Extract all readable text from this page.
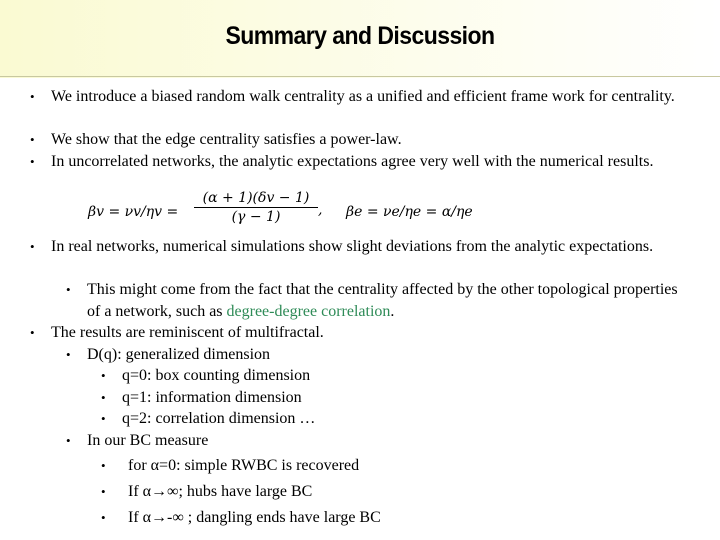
Summary and Discussion
• We introduce a biased random walk centrality as a unified and efficient frame work for centrality.
• We show that the edge centrality satisfies a power-law.
• In uncorrelated networks, the analytic expectations agree very well with the numerical results.
• In real networks, numerical simulations show slight deviations from the analytic expectations.
• This might come from the fact that the centrality affected by the other topological properties of a network, such as degree-degree correlation.
• The results are reminiscent of multifractal.
• D(q): generalized dimension
• q=0: box counting dimension
• q=1: information dimension
• q=2: correlation dimension …
• In our BC measure
• for α=0: simple RWBC is recovered
• If α→∞; hubs have large BC
• If α→-∞ ; dangling ends have large BC
$\beta v = \nu v/\eta v = \frac{(\alpha + 1)(\delta v - 1)}{(\gamma - 1)}$ , βe = νe/ηe = α/ηe
